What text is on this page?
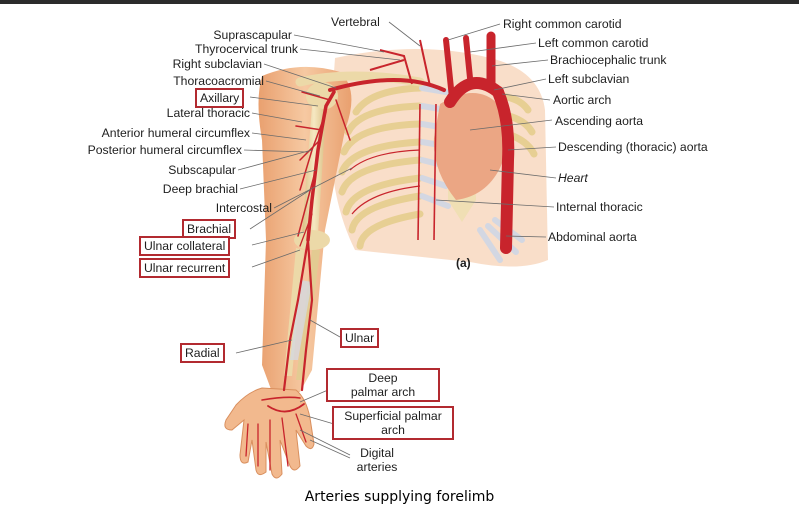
Vertebral
Suprascapular
Thyrocervical trunk
Right subclavian
Thoracoacromial
Axillary
Lateral thoracic
Anterior humeral circumflex
Posterior humeral circumflex
Subscapular
Deep brachial
Intercostal
Brachial
Ulnar collateral
Ulnar recurrent
Radial
Ulnar
Deep
palmar arch
Superficial palmar
arch
Digital
arteries
Right common carotid
Left common carotid
Brachiocephalic trunk
Left subclavian
Aortic arch
Ascending aorta
Descending (thoracic) aorta
Heart
Internal thoracic
Abdominal aorta
(a)
Arteries supplying forelimb
